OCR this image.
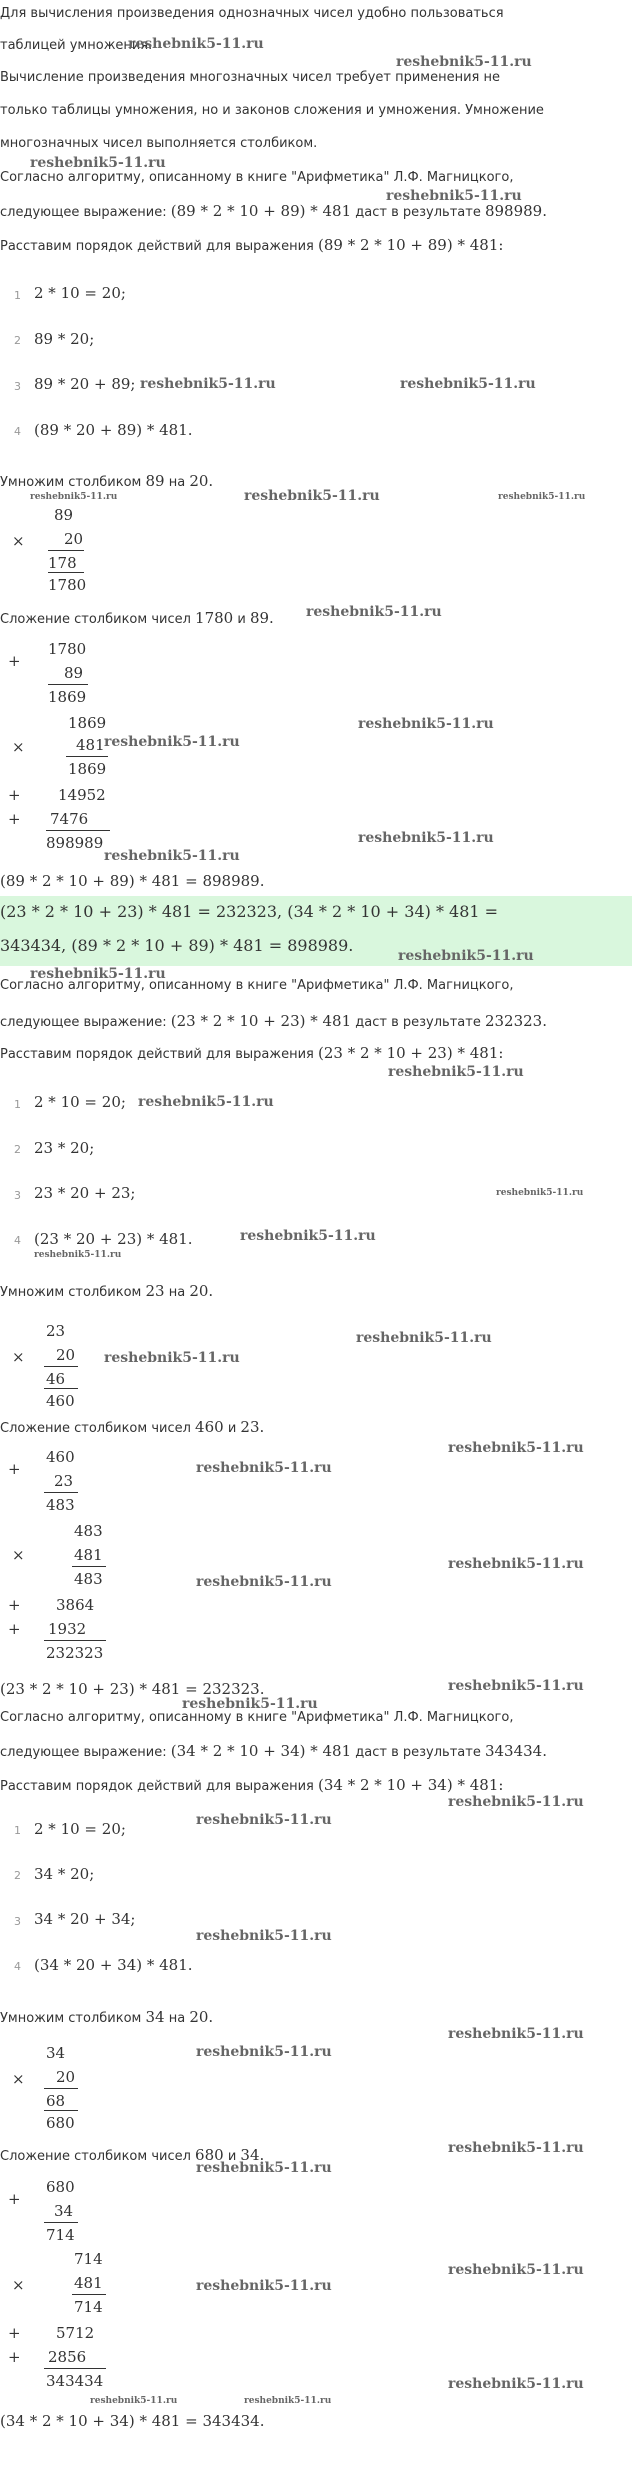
Для вычисления произведения однозначных чисел удобно пользоваться
таблицей умножения.
reshebnik5-11.ru
reshebnik5-11.ru
Вычисление произведения многозначных чисел требует применения не
только таблицы умножения, но и законов сложения и умножения. Умножение
многозначных чисел выполняется столбиком.
reshebnik5-11.ru
reshebnik5-11.ru
Согласно алгоритму, описанному в книге "Арифметика" Л.Ф. Магницкого,
следующее выражение: (89 * 2 * 10 + 89) * 481 даст в результате 898989.
Расставим порядок действий для выражения (89 * 2 * 10 + 89) * 481:
1 2 * 10 = 20;
2 89 * 20;
3 89 * 20 + 89; reshebnik5-11.ru	reshebnik5-11.ru
4 (89 * 20 + 89) * 481.
Умножим столбиком 89 на 20.
reshebnik5-11.ru	reshebnik5-11.ru	reshebnik5-11.ru
89
×	20
178
1780
Сложение столбиком чисел 1780 и 89. reshebnik5-11.ru
+
1780
89
1869
1869
×	481 reshebnik5-11.ru
reshebnik5-11.ru
1869
+ 14952
+ 7476
898989	reshebnik5-11.ru
reshebnik5-11.ru
(89 * 2 * 10 + 89) * 481 = 898989.
(23 * 2 * 10 + 23) * 481 = 232323, (34 * 2 * 10 + 34) * 481 =
343434, (89 * 2 * 10 + 89) * 481 = 898989.
reshebnik5-11.ru
reshebnik5-11.ru
Согласно алгоритму, описанному в книге "Арифметика" Л.Ф. Магницкого,
следующее выражение: (23 * 2 * 10 + 23) * 481 даст в результате 232323.
Расставим порядок действий для выражения (23 * 2 * 10 + 23) * 481:
reshebnik5-11.ru
1 2 * 10 = 20; reshebnik5-11.ru
2 23 * 20;
3 23 * 20 + 23;	reshebnik5-11.ru
4 (23 * 20 + 23) * 481.	reshebnik5-11.ru
reshebnik5-11.ru
Умножим столбиком 23 на 20.
23
× 20 reshebnik5-11.ru
reshebnik5-11.ru
46
460
Сложение столбиком чисел 460 и 23.
reshebnik5-11.ru
+
460
23
reshebnik5-11.ru
483
483
×	481	reshebnik5-11.ru
483	reshebnik5-11.ru
+ 3864
+ 1932
232323
(23 * 2 * 10 + 23) * 481 = 232323.	reshebnik5-11.ru
reshebnik5-11.ru
Согласно алгоритму, описанному в книге "Арифметика" Л.Ф. Магницкого,
следующее выражение: (34 * 2 * 10 + 34) * 481 даст в результате 343434.
Расставим порядок действий для выражения (34 * 2 * 10 + 34) * 481:
reshebnik5-11.ru
1 2 * 10 = 20;	reshebnik5-11.ru
2 34 * 20;
3 34 * 20 + 34;
reshebnik5-11.ru
4 (34 * 20 + 34) * 481.
Умножим столбиком 34 на 20.
reshebnik5-11.ru
34	reshebnik5-11.ru
× 20
68
680
Сложение столбиком чисел 680 и 34.
reshebnik5-11.ru
reshebnik5-11.ru
+
680
34
714
714
reshebnik5-11.ru
×	481	reshebnik5-11.ru
714
+ 5712
+ 2856
343434	reshebnik5-11.ru
reshebnik5-11.ru	reshebnik5-11.ru
(34 * 2 * 10 + 34) * 481 = 343434.
